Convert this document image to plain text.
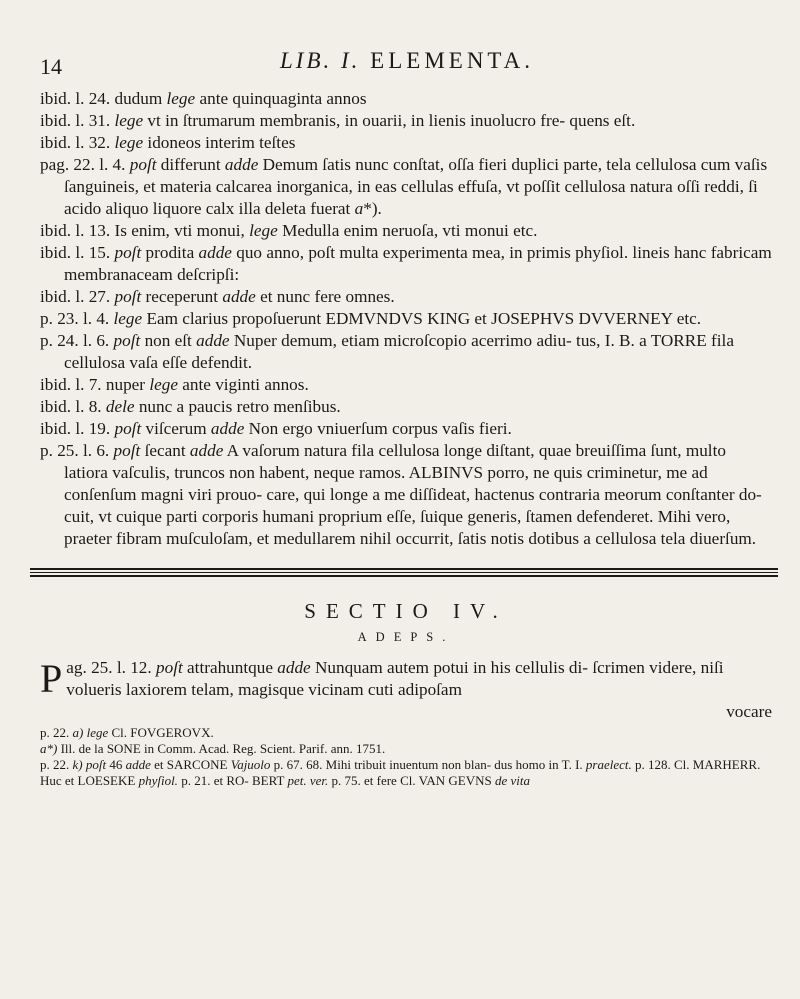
14	LIB. I. ELEMENTA.
ibid. l. 24. dudum lege ante quinquaginta annos
ibid. l. 31. lege vt in ſtrumarum membranis, in ouarii, in lienis inuolucro fre- quens eſt.
ibid. l. 32. lege idoneos interim teſtes
pag. 22. l. 4. poſt differunt adde Demum ſatis nunc conſtat, oſſa fieri duplici parte, tela cellulosa cum vaſis ſanguineis, et materia calcarea inorganica, in eas cellulas effuſa, vt poſſit cellulosa natura oſſi reddi, ſi acido aliquo liquore calx illa deleta fuerat a*).
ibid. l. 13. Is enim, vti monui, lege Medulla enim neruoſa, vti monui etc.
ibid. l. 15. poſt prodita adde quo anno, poſt multa experimenta mea, in primis phyſiol. lineis hanc fabricam membranaceam deſcripſi:
ibid. l. 27. poſt receperunt adde et nunc fere omnes.
p. 23. l. 4. lege Eam clarius propoſuerunt EDMVNDVS KING et JOSEPHVS DVVERNEY etc.
p. 24. l. 6. poſt non eſt adde Nuper demum, etiam microſcopio acerrimo adiu- tus, I. B. a TORRE fila cellulosa vaſa eſſe defendit.
ibid. l. 7. nuper lege ante viginti annos.
ibid. l. 8. dele nunc a paucis retro menſibus.
ibid. l. 19. poſt viſcerum adde Non ergo vniuerſum corpus vaſis fieri.
p. 25. l. 6. poſt ſecant adde A vaſorum natura fila cellulosa longe diſtant, quae breuiſſima ſunt, multo latiora vaſculis, truncos non habent, neque ramos. ALBINVS porro, ne quis criminetur, me ad conſenſum magni viri prouo- care, qui longe a me diſſideat, hactenus contraria meorum conſtanter do- cuit, vt cuique parti corporis humani proprium eſſe, ſuique generis, ſtamen defenderet. Mihi vero, praeter fibram muſculoſam, et medullarem nihil occurrit, ſatis notis dotibus a cellulosa tela diuerſum.
SECTIO IV.
ADEPS.
Pag. 25. l. 12. poſt attrahuntque adde Nunquam autem potui in his cellulis di- ſcrimen videre, niſi volueris laxiorem telam, magisque vicinam cuti adipoſam
vocare
p. 22. a) lege Cl. FOVGEROVX.
a*) Ill. de la SONE in Comm. Acad. Reg. Scient. Parif. ann. 1751.
p. 22. k) poſt 46 adde et SARCONE Vajuolo p. 67. 68. Mihi tribuit inuentum non blan- dus homo in T. I. praelect. p. 128. Cl. MARHERR. Huc et LOESEKE phyſiol. p. 21. et RO- BERT pet. ver. p. 75. et fere Cl. VAN GEVNS de vita
